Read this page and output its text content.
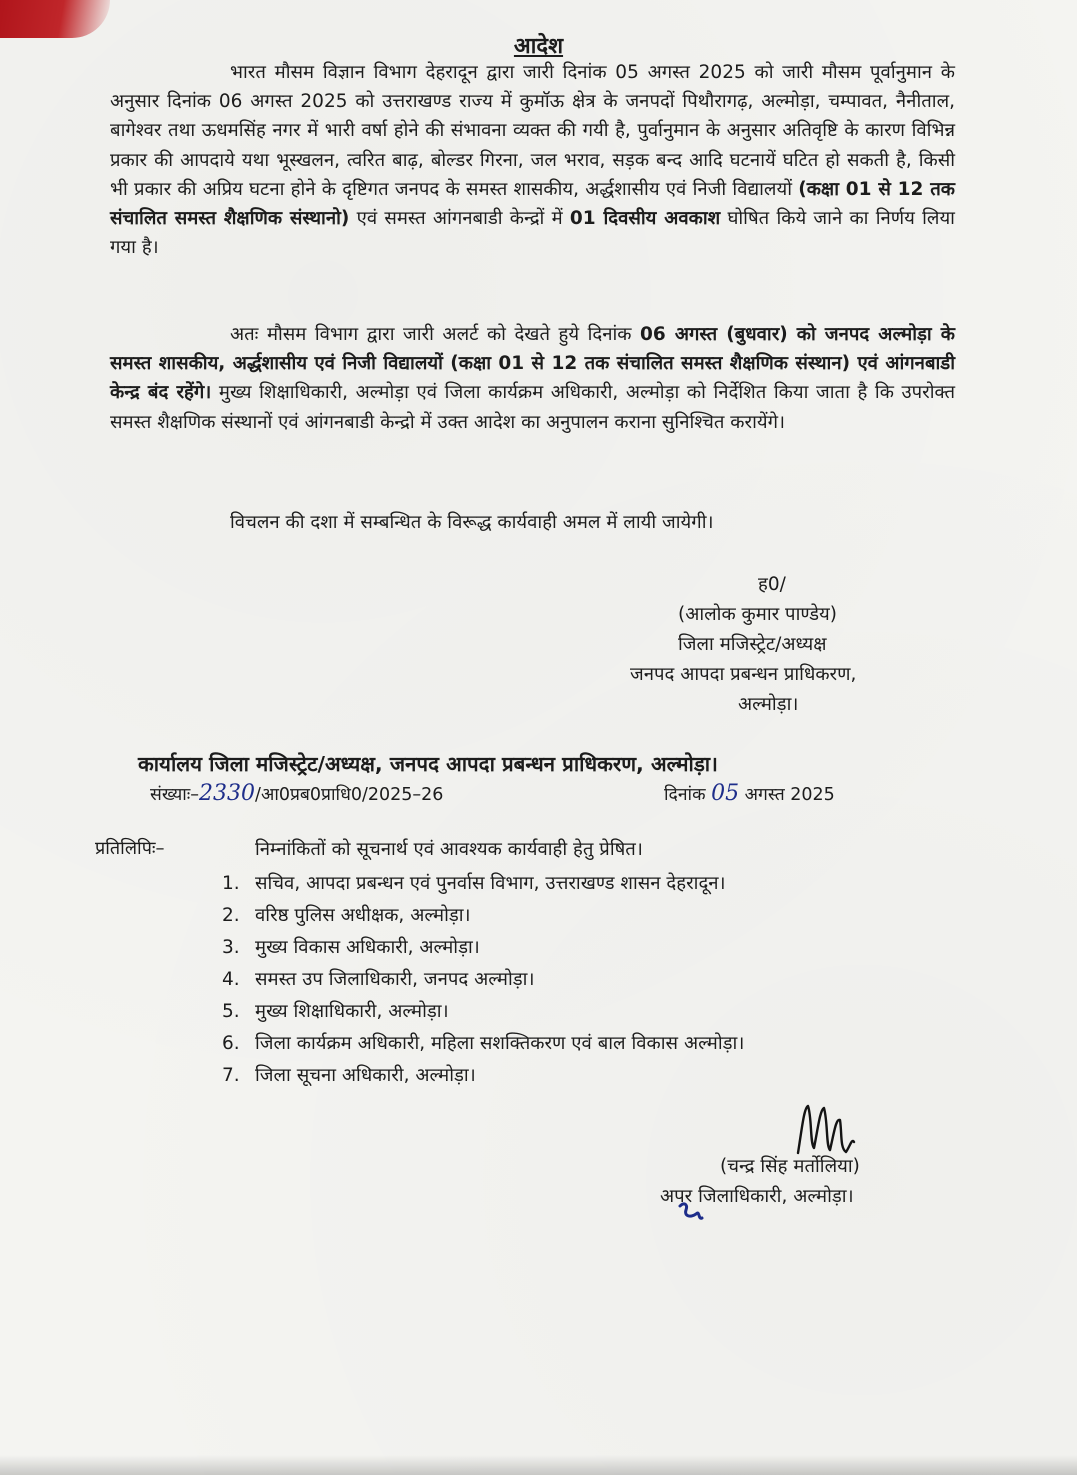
आदेश
भारत मौसम विज्ञान विभाग देहरादून द्वारा जारी दिनांक 05 अगस्त 2025 को जारी मौसम पूर्वानुमान के अनुसार दिनांक 06 अगस्त 2025 को उत्तराखण्ड राज्य में कुमॉऊ क्षेत्र के जनपदों पिथौरागढ़, अल्मोड़ा, चम्पावत, नैनीताल, बागेश्वर तथा ऊधमसिंह नगर में भारी वर्षा होने की संभावना व्यक्त की गयी है, पुर्वानुमान के अनुसार अतिवृष्टि के कारण विभिन्न प्रकार की आपदाये यथा भूस्खलन, त्वरित बाढ़, बोल्डर गिरना, जल भराव, सड़क बन्द आदि घटनायें घटित हो सकती है, किसी भी प्रकार की अप्रिय घटना होने के दृष्टिगत जनपद के समस्त शासकीय, अर्द्धशासीय एवं निजी विद्यालयों (कक्षा 01 से 12 तक संचालित समस्त शैक्षणिक संस्थानो) एवं समस्त आंगनबाडी केन्द्रों में 01 दिवसीय अवकाश घोषित किये जाने का निर्णय लिया गया है।
अतः मौसम विभाग द्वारा जारी अलर्ट को देखते हुये दिनांक 06 अगस्त (बुधवार) को जनपद अल्मोड़ा के समस्त शासकीय, अर्द्धशासीय एवं निजी विद्यालयों (कक्षा 01 से 12 तक संचालित समस्त शैक्षणिक संस्थान) एवं आंगनबाडी केन्द्र बंद रहेंगे। मुख्य शिक्षाधिकारी, अल्मोड़ा एवं जिला कार्यक्रम अधिकारी, अल्मोड़ा को निर्देशित किया जाता है कि उपरोक्त समस्त शैक्षणिक संस्थानों एवं आंगनबाडी केन्द्रो में उक्त आदेश का अनुपालन कराना सुनिश्चित करायेंगे।
विचलन की दशा में सम्बन्धित के विरूद्ध कार्यवाही अमल में लायी जायेगी।
ह0/
(आलोक कुमार पाण्डेय)
जिला मजिस्ट्रेट/अध्यक्ष
जनपद आपदा प्रबन्धन प्राधिकरण,
अल्मोड़ा।
कार्यालय जिला मजिस्ट्रेट/अध्यक्ष, जनपद आपदा प्रबन्धन प्राधिकरण, अल्मोड़ा।
संख्याः–2330/आ0प्रब0प्राधि0/2025–26	दिनांक 05 अगस्त 2025
प्रतिलिपिः–	निम्नांकितों को सूचनार्थ एवं आवश्यक कार्यवाही हेतु प्रेषित।
1. सचिव, आपदा प्रबन्धन एवं पुनर्वास विभाग, उत्तराखण्ड शासन देहरादून।
2. वरिष्ठ पुलिस अधीक्षक, अल्मोड़ा।
3. मुख्य विकास अधिकारी, अल्मोड़ा।
4. समस्त उप जिलाधिकारी, जनपद अल्मोड़ा।
5. मुख्य शिक्षाधिकारी, अल्मोड़ा।
6. जिला कार्यक्रम अधिकारी, महिला सशक्तिकरण एवं बाल विकास अल्मोड़ा।
7. जिला सूचना अधिकारी, अल्मोड़ा।
(चन्द्र सिंह मर्तोलिया)
अपर जिलाधिकारी, अल्मोड़ा।
